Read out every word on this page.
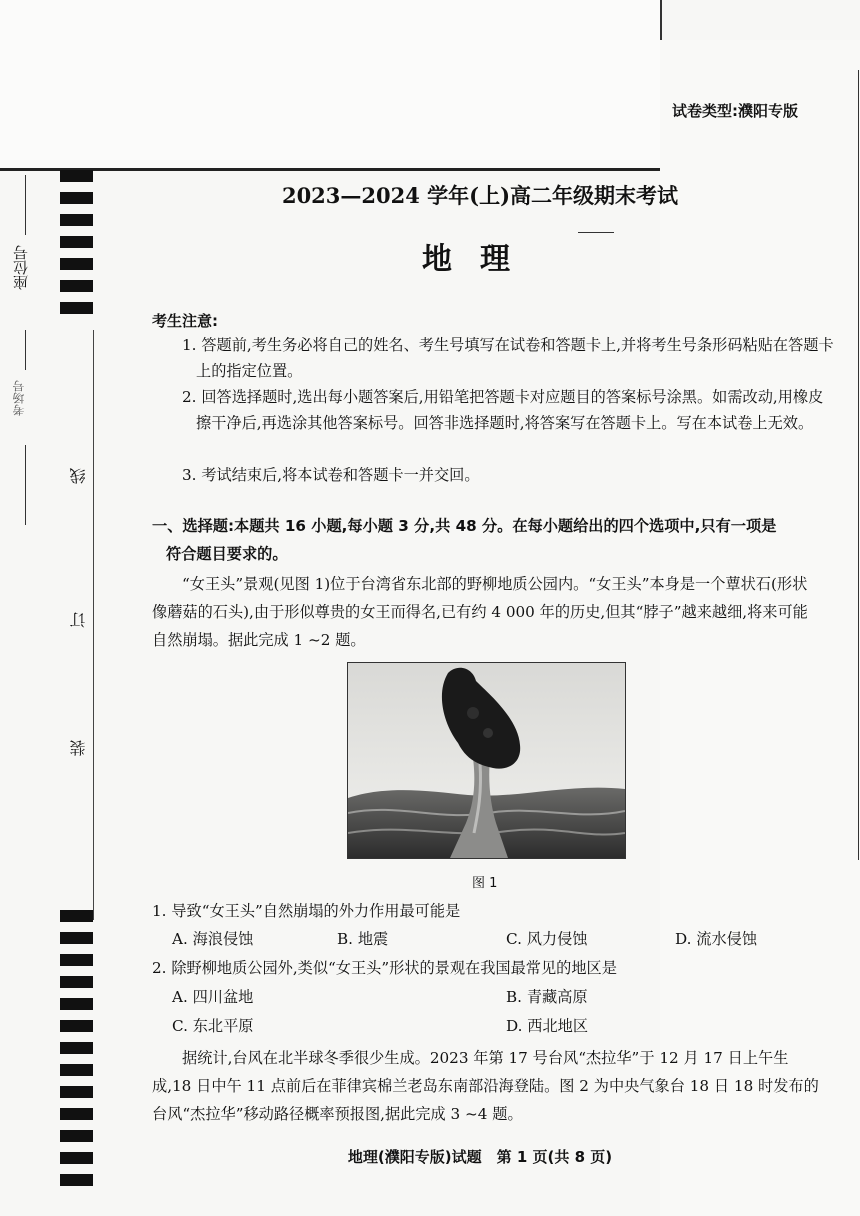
试卷类型:濮阳专版
座位号
考场号
线
订
装
2023—2024 学年(上)高二年级期末考试
地理
考生注意:
1. 答题前,考生务必将自己的姓名、考生号填写在试卷和答题卡上,并将考生号条形码粘贴在答题卡上的指定位置。
2. 回答选择题时,选出每小题答案后,用铅笔把答题卡对应题目的答案标号涂黑。如需改动,用橡皮擦干净后,再选涂其他答案标号。回答非选择题时,将答案写在答题卡上。写在本试卷上无效。
3. 考试结束后,将本试卷和答题卡一并交回。
一、选择题:本题共 16 小题,每小题 3 分,共 48 分。在每小题给出的四个选项中,只有一项是
符合题目要求的。
“女王头”景观(见图 1)位于台湾省东北部的野柳地质公园内。“女王头”本身是一个蕈状石(形状像蘑菇的石头),由于形似尊贵的女王而得名,已有约 4 000 年的历史,但其“脖子”越来越细,将来可能自然崩塌。据此完成 1 ~2 题。
图 1
1. 导致“女王头”自然崩塌的外力作用最可能是
A. 海浪侵蚀	B. 地震	C. 风力侵蚀	D. 流水侵蚀
2. 除野柳地质公园外,类似“女王头”形状的景观在我国最常见的地区是
A. 四川盆地	B. 青藏高原
C. 东北平原	D. 西北地区
据统计,台风在北半球冬季很少生成。2023 年第 17 号台风“杰拉华”于 12 月 17 日上午生成,18 日中午 11 点前后在菲律宾棉兰老岛东南部沿海登陆。图 2 为中央气象台 18 日 18 时发布的台风“杰拉华”移动路径概率预报图,据此完成 3 ~4 题。
地理(濮阳专版)试题　第 1 页(共 8 页)
